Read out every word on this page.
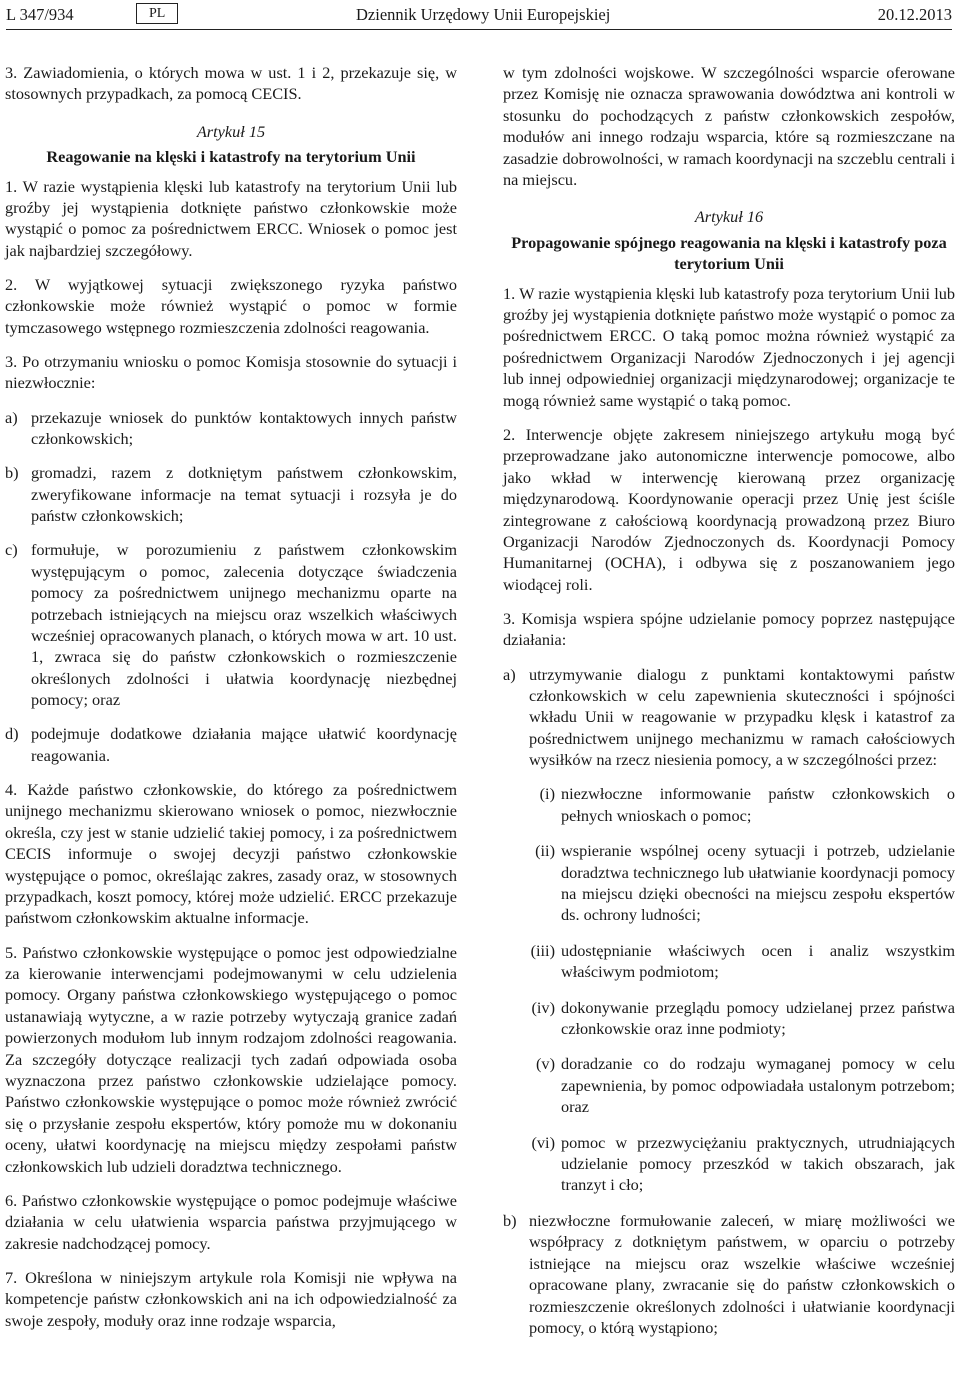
L 347/934	PL	Dziennik Urzędowy Unii Europejskiej	20.12.2013

3. Zawiadomienia, o których mowa w ust. 1 i 2, przekazuje się, w stosownych przypadkach, za pomocą CECIS.

Artykuł 15
Reagowanie na klęski i katastrofy na terytorium Unii

1. W razie wystąpienia klęski lub katastrofy na terytorium Unii lub groźby jej wystąpienia dotknięte państwo członkowskie może wystąpić o pomoc za pośrednictwem ERCC. Wniosek o pomoc jest jak najbardziej szczegółowy.

2. W wyjątkowej sytuacji zwiększonego ryzyka państwo członkowskie może również wystąpić o pomoc w formie tymczasowego wstępnego rozmieszczenia zdolności reagowania.

3. Po otrzymaniu wniosku o pomoc Komisja stosownie do sytuacji i niezwłocznie:

a) przekazuje wniosek do punktów kontaktowych innych państw członkowskich;
b) gromadzi, razem z dotkniętym państwem członkowskim, zweryfikowane informacje na temat sytuacji i rozsyła je do państw członkowskich;
c) formułuje, w porozumieniu z państwem członkowskim występującym o pomoc, zalecenia dotyczące świadczenia pomocy za pośrednictwem unijnego mechanizmu oparte na potrzebach istniejących na miejscu oraz wszelkich właściwych wcześniej opracowanych planach, o których mowa w art. 10 ust. 1, zwraca się do państw członkowskich o rozmieszczenie określonych zdolności i ułatwia koordynację niezbędnej pomocy; oraz
d) podejmuje dodatkowe działania mające ułatwić koordynację reagowania.

4. Każde państwo członkowskie, do którego za pośrednictwem unijnego mechanizmu skierowano wniosek o pomoc, niezwłocznie określa, czy jest w stanie udzielić takiej pomocy, i za pośrednictwem CECIS informuje o swojej decyzji państwo członkowskie występujące o pomoc, określając zakres, zasady oraz, w stosownych przypadkach, koszt pomocy, której może udzielić. ERCC przekazuje państwom członkowskim aktualne informacje.

5. Państwo członkowskie występujące o pomoc jest odpowiedzialne za kierowanie interwencjami podejmowanymi w celu udzielenia pomocy. Organy państwa członkowskiego występującego o pomoc ustanawiają wytyczne, a w razie potrzeby wytyczają granice zadań powierzonych modułom lub innym rodzajom zdolności reagowania. Za szczegóły dotyczące realizacji tych zadań odpowiada osoba wyznaczona przez państwo członkowskie udzielające pomocy. Państwo członkowskie występujące o pomoc może również zwrócić się o przysłanie zespołu ekspertów, który pomoże mu w dokonaniu oceny, ułatwi koordynację na miejscu między zespołami państw członkowskich lub udzieli doradztwa technicznego.

6. Państwo członkowskie występujące o pomoc podejmuje właściwe działania w celu ułatwienia wsparcia państwa przyjmującego w zakresie nadchodzącej pomocy.

7. Określona w niniejszym artykule rola Komisji nie wpływa na kompetencje państw członkowskich ani na ich odpowiedzialność za swoje zespoły, moduły oraz inne rodzaje wsparcia,

w tym zdolności wojskowe. W szczególności wsparcie oferowane przez Komisję nie oznacza sprawowania dowództwa ani kontroli w stosunku do pochodzących z państw członkowskich zespołów, modułów ani innego rodzaju wsparcia, które są rozmieszczane na zasadzie dobrowolności, w ramach koordynacji na szczeblu centrali i na miejscu.

Artykuł 16
Propagowanie spójnego reagowania na klęski i katastrofy poza terytorium Unii

1. W razie wystąpienia klęski lub katastrofy poza terytorium Unii lub groźby jej wystąpienia dotknięte państwo może wystąpić o pomoc za pośrednictwem ERCC. O taką pomoc można również wystąpić za pośrednictwem Organizacji Narodów Zjednoczonych i jej agencji lub innej odpowiedniej organizacji międzynarodowej; organizacje te mogą również same wystąpić o taką pomoc.

2. Interwencje objęte zakresem niniejszego artykułu mogą być przeprowadzane jako autonomiczne interwencje pomocowe, albo jako wkład w interwencję kierowaną przez organizację międzynarodową. Koordynowanie operacji przez Unię jest ściśle zintegrowane z całościową koordynacją prowadzoną przez Biuro Organizacji Narodów Zjednoczonych ds. Koordynacji Pomocy Humanitarnej (OCHA), i odbywa się z poszanowaniem jego wiodącej roli.

3. Komisja wspiera spójne udzielanie pomocy poprzez następujące działania:

a) utrzymywanie dialogu z punktami kontaktowymi państw członkowskich w celu zapewnienia skuteczności i spójności wkładu Unii w reagowanie w przypadku klęsk i katastrof za pośrednictwem unijnego mechanizmu w ramach całościowych wysiłków na rzecz niesienia pomocy, a w szczególności przez:
(i) niezwłoczne informowanie państw członkowskich o pełnych wnioskach o pomoc;
(ii) wspieranie wspólnej oceny sytuacji i potrzeb, udzielanie doradztwa technicznego lub ułatwianie koordynacji pomocy na miejscu dzięki obecności na miejscu zespołu ekspertów ds. ochrony ludności;
(iii) udostępnianie właściwych ocen i analiz wszystkim właściwym podmiotom;
(iv) dokonywanie przeglądu pomocy udzielanej przez państwa członkowskie oraz inne podmioty;
(v) doradzanie co do rodzaju wymaganej pomocy w celu zapewnienia, by pomoc odpowiadała ustalonym potrzebom; oraz
(vi) pomoc w przezwyciężaniu praktycznych, utrudniających udzielanie pomocy przeszkód w takich obszarach, jak tranzyt i cło;
b) niezwłoczne formułowanie zaleceń, w miarę możliwości we współpracy z dotkniętym państwem, w oparciu o potrzeby istniejące na miejscu oraz wszelkie właściwe wcześniej opracowane plany, zwracanie się do państw członkowskich o rozmieszczenie określonych zdolności i ułatwianie koordynacji pomocy, o którą wystąpiono;
